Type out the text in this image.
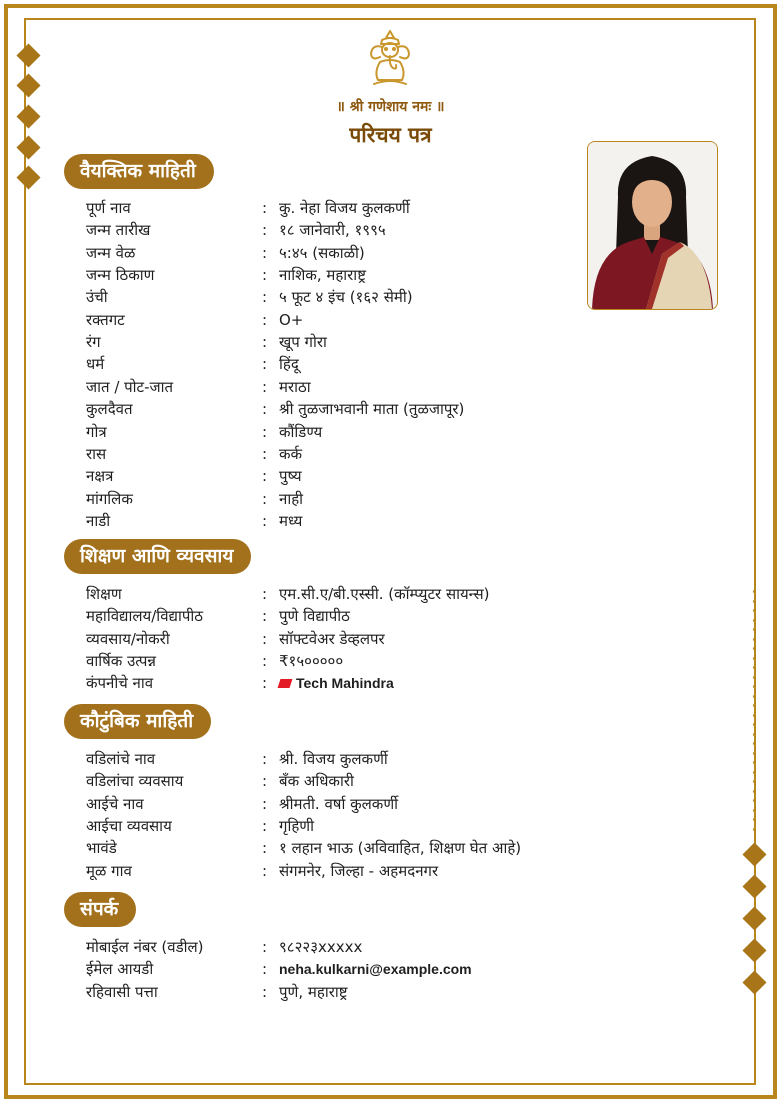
॥ श्री गणेशाय नमः ॥
परिचय पत्र
वैयक्तिक माहिती
पूर्ण नाव	: कु. नेहा विजय कुलकर्णी
जन्म तारीख	: १८ जानेवारी, १९९५
जन्म वेळ	: ५:४५ (सकाळी)
जन्म ठिकाण	: नाशिक, महाराष्ट्र
उंची	: ५ फूट ४ इंच (१६२ सेमी)
रक्तगट	: O+
रंग	: खूप गोरा
धर्म	: हिंदू
जात / पोट-जात	: मराठा
कुलदैवत	: श्री तुळजाभवानी माता (तुळजापूर)
गोत्र	: कौंडिण्य
रास	: कर्क
नक्षत्र	: पुष्य
मांगलिक	: नाही
नाडी	: मध्य
शिक्षण आणि व्यवसाय
शिक्षण	: एम.सी.ए/बी.एस्सी. (कॉम्प्युटर सायन्स)
महाविद्यालय/विद्यापीठ	: पुणे विद्यापीठ
व्यवसाय/नोकरी	: सॉफ्टवेअर डेव्हलपर
वार्षिक उत्पन्न	: ₹१५०००००
कंपनीचे नाव	:	Tech Mahindra
कौटुंबिक माहिती
वडिलांचे नाव	: श्री. विजय कुलकर्णी
वडिलांचा व्यवसाय	: बँक अधिकारी
आईचे नाव	: श्रीमती. वर्षा कुलकर्णी
आईचा व्यवसाय	: गृहिणी
भावंडे	: १ लहान भाऊ (अविवाहित, शिक्षण घेत आहे)
मूळ गाव	: संगमनेर, जिल्हा - अहमदनगर
संपर्क
मोबाईल नंबर (वडील)	: ९८२२३xxxxx
ईमेल आयडी	: neha.kulkarni@example.com
रहिवासी पत्ता	: पुणे, महाराष्ट्र
